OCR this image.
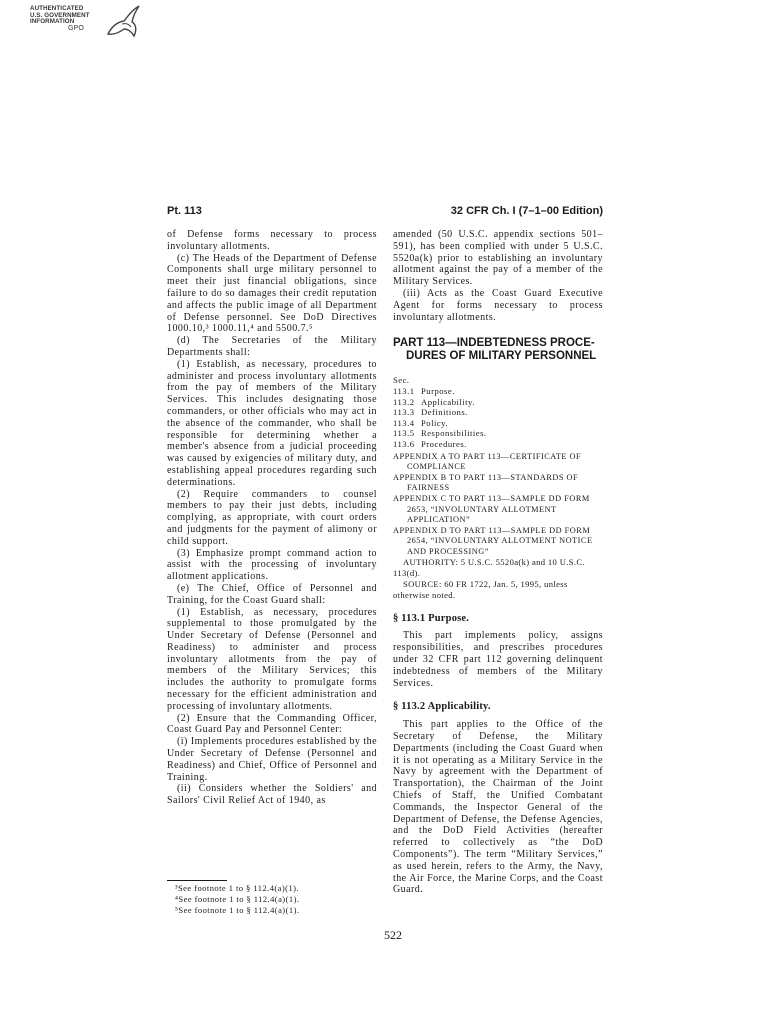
AUTHENTICATED
U.S. GOVERNMENT
INFORMATION
GPO
Pt. 113	32 CFR Ch. I (7–1–00 Edition)

of Defense forms necessary to process involuntary allotments.

(c) The Heads of the Department of Defense Components shall urge military personnel to meet their just financial obligations, since failure to do so damages their credit reputation and affects the public image of all Department of Defense personnel. See DoD Directives 1000.10,³ 1000.11,⁴ and 5500.7.⁵

(d) The Secretaries of the Military Departments shall:

(1) Establish, as necessary, procedures to administer and process involuntary allotments from the pay of members of the Military Services. This includes designating those commanders, or other officials who may act in the absence of the commander, who shall be responsible for determining whether a member's absence from a judicial proceeding was caused by exigencies of military duty, and establishing appeal procedures regarding such determinations.

(2) Require commanders to counsel members to pay their just debts, including complying, as appropriate, with court orders and judgments for the payment of alimony or child support.

(3) Emphasize prompt command action to assist with the processing of involuntary allotment applications.

(e) The Chief, Office of Personnel and Training, for the Coast Guard shall:

(1) Establish, as necessary, procedures supplemental to those promulgated by the Under Secretary of Defense (Personnel and Readiness) to administer and process involuntary allotments from the pay of members of the Military Services; this includes the authority to promulgate forms necessary for the efficient administration and processing of involuntary allotments.

(2) Ensure that the Commanding Officer, Coast Guard Pay and Personnel Center:

(i) Implements procedures established by the Under Secretary of Defense (Personnel and Readiness) and Chief, Office of Personnel and Training.

(ii) Considers whether the Soldiers' and Sailors' Civil Relief Act of 1940, as

³See footnote 1 to § 112.4(a)(1).
⁴See footnote 1 to § 112.4(a)(1).
⁵See footnote 1 to § 112.4(a)(1).

amended (50 U.S.C. appendix sections 501–591), has been complied with under 5 U.S.C. 5520a(k) prior to establishing an involuntary allotment against the pay of a member of the Military Services.

(iii) Acts as the Coast Guard Executive Agent for forms necessary to process involuntary allotments.

PART 113—INDEBTEDNESS PROCE-
DURES OF MILITARY PERSONNEL
Sec.
113.1 Purpose.
113.2 Applicability.
113.3 Definitions.
113.4 Policy.
113.5 Responsibilities.
113.6 Procedures.
APPENDIX A TO PART 113—CERTIFICATE OF COMPLIANCE
APPENDIX B TO PART 113—STANDARDS OF FAIRNESS
APPENDIX C TO PART 113—SAMPLE DD FORM 2653, “INVOLUNTARY ALLOTMENT APPLICATION”
APPENDIX D TO PART 113—SAMPLE DD FORM 2654, “INVOLUNTARY ALLOTMENT NOTICE AND PROCESSING”

AUTHORITY: 5 U.S.C. 5520a(k) and 10 U.S.C. 113(d).

SOURCE: 60 FR 1722, Jan. 5, 1995, unless otherwise noted.

§ 113.1 Purpose.

This part implements policy, assigns responsibilities, and prescribes procedures under 32 CFR part 112 governing delinquent indebtedness of members of the Military Services.

§ 113.2 Applicability.

This part applies to the Office of the Secretary of Defense, the Military Departments (including the Coast Guard when it is not operating as a Military Service in the Navy by agreement with the Department of Transportation), the Chairman of the Joint Chiefs of Staff, the Unified Combatant Commands, the Inspector General of the Department of Defense, the Defense Agencies, and the DoD Field Activities (hereafter referred to collectively as “the DoD Components”). The term “Military Services,” as used herein, refers to the Army, the Navy, the Air Force, the Marine Corps, and the Coast Guard.

522
